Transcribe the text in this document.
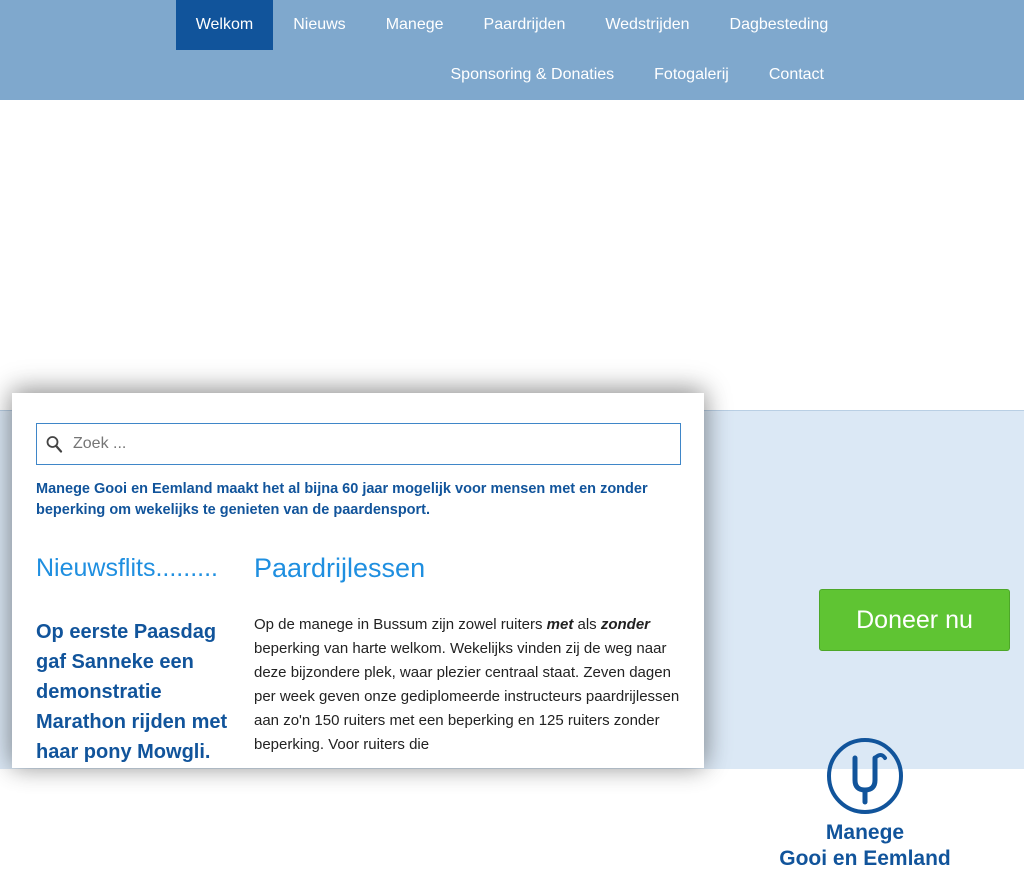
Doneer nu
Manege
Gooi en Eemland
Welkom	Nieuws	Manege	Paardrijden	Wedstrijden	Dagbesteding
Sponsoring & Donaties	Fotogalerij	Contact
Zoek ...
Manege Gooi en Eemland maakt het al bijna 60 jaar mogelijk voor mensen met en zonder beperking om wekelijks te genieten van de paardensport.
Nieuwsflits.........
Op eerste Paasdag gaf Sanneke een demonstratie Marathon rijden met haar pony Mowgli.
Paardrijlessen
Op de manege in Bussum zijn zowel ruiters met als zonder beperking van harte welkom. Wekelijks vinden zij de weg naar deze bijzondere plek, waar plezier centraal staat. Zeven dagen per week geven onze gediplomeerde instructeurs paardrijlessen aan zo'n 150 ruiters met een beperking en 125 ruiters zonder beperking. Voor ruiters die
